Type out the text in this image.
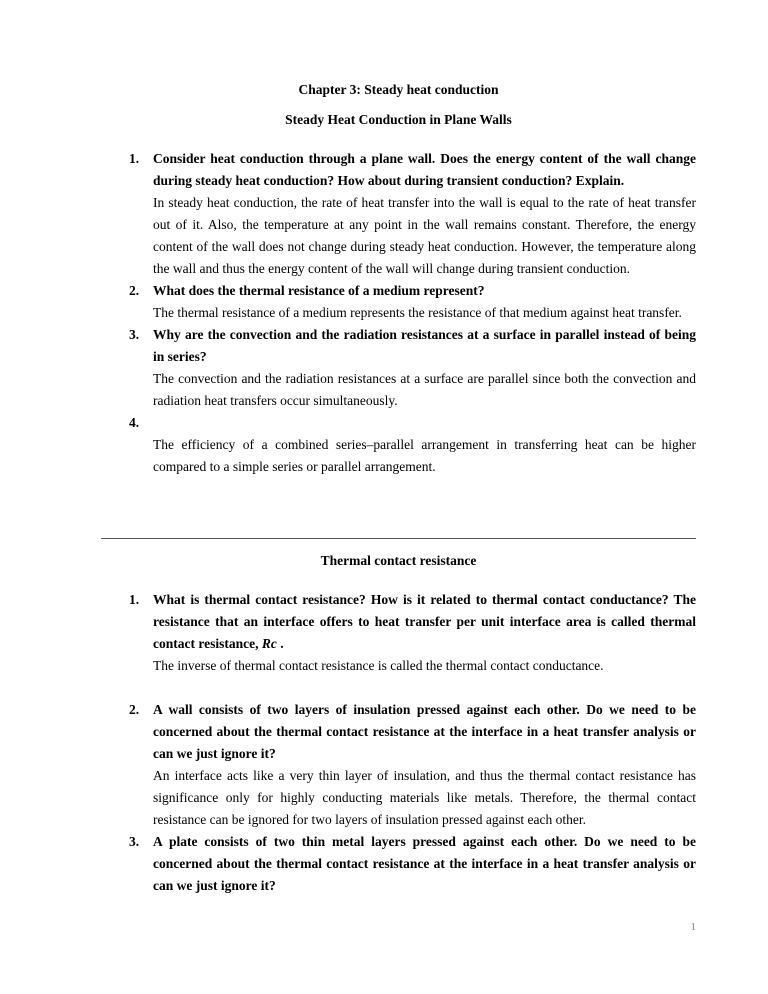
Chapter 3: Steady heat conduction
Steady Heat Conduction in Plane Walls
1. Consider heat conduction through a plane wall. Does the energy content of the wall change during steady heat conduction? How about during transient conduction? Explain.

In steady heat conduction, the rate of heat transfer into the wall is equal to the rate of heat transfer out of it. Also, the temperature at any point in the wall remains constant. Therefore, the energy content of the wall does not change during steady heat conduction. However, the temperature along the wall and thus the energy content of the wall will change during transient conduction.

2. What does the thermal resistance of a medium represent?

The thermal resistance of a medium represents the resistance of that medium against heat transfer.

3. Why are the convection and the radiation resistances at a surface in parallel instead of being in series?

The convection and the radiation resistances at a surface are parallel since both the convection and radiation heat transfers occur simultaneously.

4.

The efficiency of a combined series–parallel arrangement in transferring heat can be higher compared to a simple series or parallel arrangement.

Thermal contact resistance
1. What is thermal contact resistance? How is it related to thermal contact conductance? The resistance that an interface offers to heat transfer per unit interface area is called thermal contact resistance, Rc .

The inverse of thermal contact resistance is called the thermal contact conductance.

2. A wall consists of two layers of insulation pressed against each other. Do we need to be concerned about the thermal contact resistance at the interface in a heat transfer analysis or can we just ignore it?

An interface acts like a very thin layer of insulation, and thus the thermal contact resistance has significance only for highly conducting materials like metals. Therefore, the thermal contact resistance can be ignored for two layers of insulation pressed against each other.

3. A plate consists of two thin metal layers pressed against each other. Do we need to be concerned about the thermal contact resistance at the interface in a heat transfer analysis or can we just ignore it?

1
